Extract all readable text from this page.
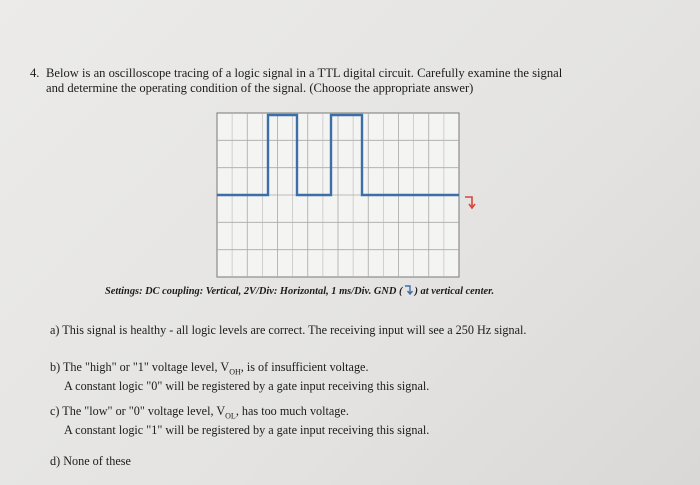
4. Below is an oscilloscope tracing of a logic signal in a TTL digital circuit. Carefully examine the signal
and determine the operating condition of the signal. (Choose the appropriate answer)
Settings: DC coupling: Vertical, 2V/Div: Horizontal, 1 ms/Div. GND ( ) at vertical center.
a) This signal is healthy - all logic levels are correct. The receiving input will see a 250 Hz signal.
b) The "high" or "1" voltage level, $V_{OH}$, is of insufficient voltage.
A constant logic "0" will be registered by a gate input receiving this signal.
c) The "low" or "0" voltage level, $V_{OL}$, has too much voltage.
A constant logic "1" will be registered by a gate input receiving this signal.
d) None of these
